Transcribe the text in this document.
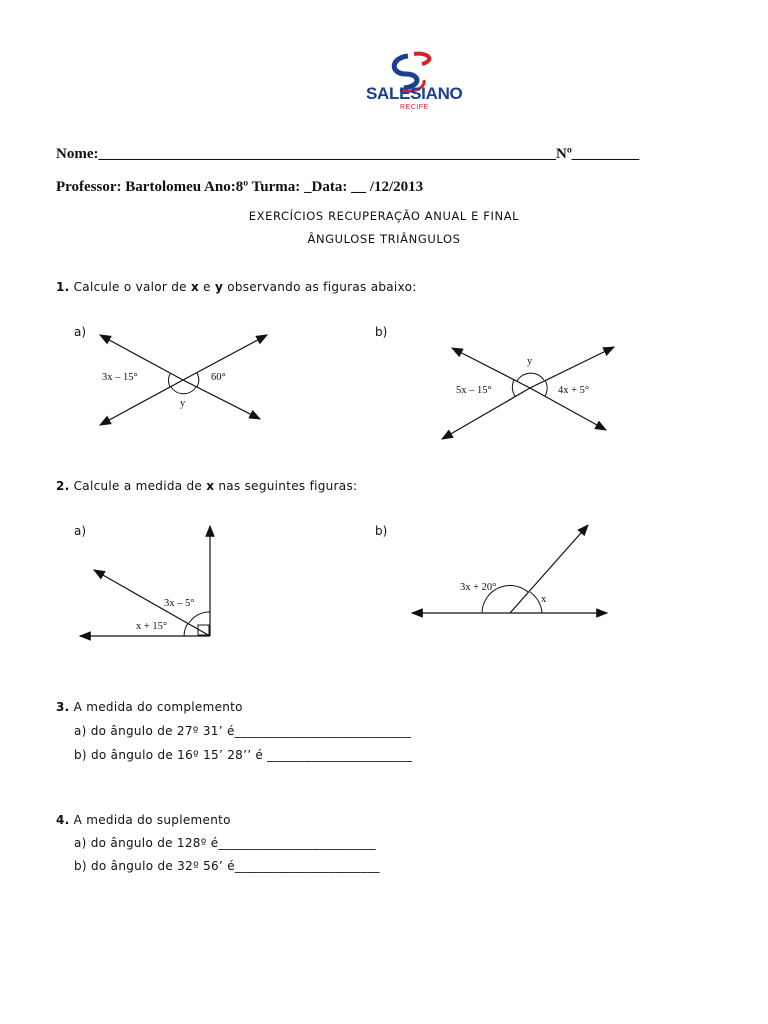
SALESIANO
RECIFE
Nome:_____________________________________________________________Nº_________
Professor: Bartolomeu Ano:8º Turma: _Data: __ /12/2013
EXERCÍCIOS RECUPERAÇÃO ANUAL E FINAL
ÂNGULOSE TRIÂNGULOS
1. Calcule o valor de x e y observando as figuras abaixo:
a)	b)
3x – 15°	60°
y
y
5x – 15°	4x + 5°
2. Calcule a medida de x nas seguintes figuras:
a)	b)
3x – 5°
x + 15°
3x + 20°
x
3. A medida do complemento
a) do ângulo de 27º 31’ é____________________________
b) do ângulo de 16º 15’ 28’’ é _______________________
4. A medida do suplemento
a) do ângulo de 128º é_________________________
b) do ângulo de 32º 56’ é_______________________
